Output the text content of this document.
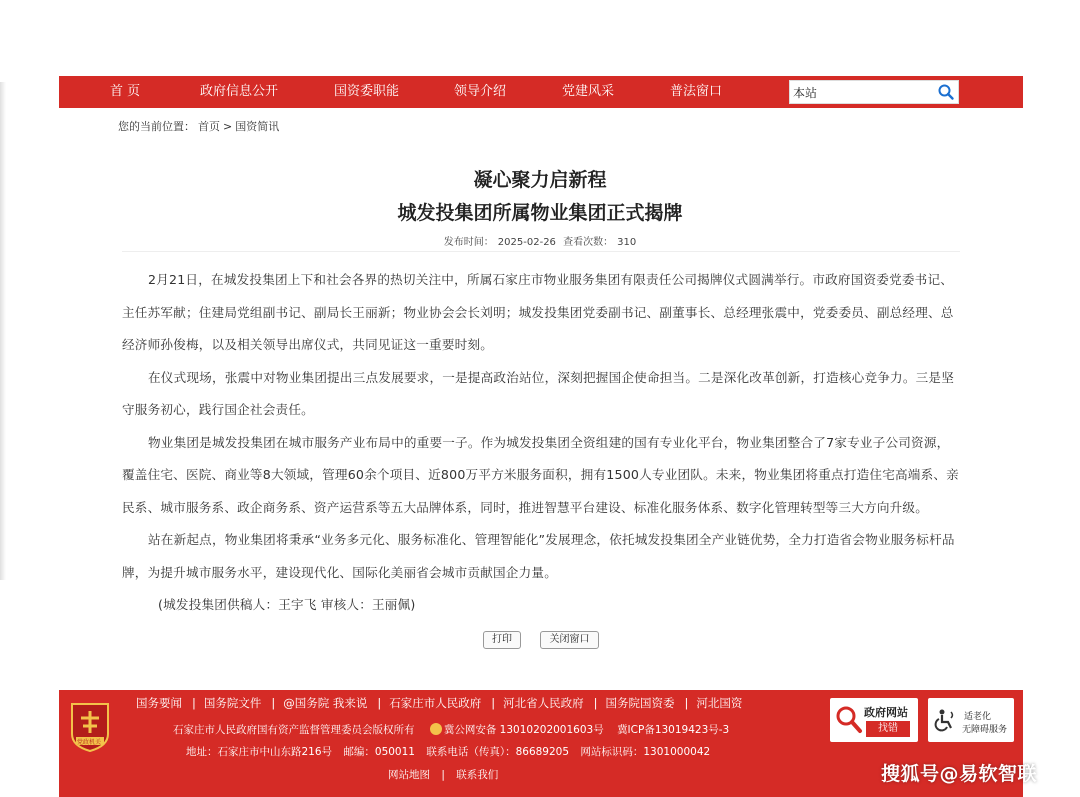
首 页	政府信息公开	国资委职能	领导介绍	党建风采	普法窗口
本站
您的当前位置： 首页 > 国资简讯
凝心聚力启新程
城发投集团所属物业集团正式揭牌
发布时间： 2025-02-26 查看次数： 310

2月21日，在城发投集团上下和社会各界的热切关注中，所属石家庄市物业服务集团有限责任公司揭牌仪式圆满举行。市政府国资委党委书记、主任苏军献；住建局党组副书记、副局长王丽新；物业协会会长刘明；城发投集团党委副书记、副董事长、总经理张震中，党委委员、副总经理、总经济师孙俊梅，以及相关领导出席仪式，共同见证这一重要时刻。

在仪式现场，张震中对物业集团提出三点发展要求，一是提高政治站位，深刻把握国企使命担当。二是深化改革创新，打造核心竞争力。三是坚守服务初心，践行国企社会责任。

物业集团是城发投集团在城市服务产业布局中的重要一子。作为城发投集团全资组建的国有专业化平台，物业集团整合了7家专业子公司资源，覆盖住宅、医院、商业等8大领域，管理60余个项目、近800万平方米服务面积，拥有1500人专业团队。未来，物业集团将重点打造住宅高端系、亲民系、城市服务系、政企商务系、资产运营系等五大品牌体系，同时，推进智慧平台建设、标准化服务体系、数字化管理转型等三大方向升级。

站在新起点，物业集团将秉承“业务多元化、服务标准化、管理智能化”发展理念，依托城发投集团全产业链优势，全力打造省会物业服务标杆品牌，为提升城市服务水平，建设现代化、国际化美丽省会城市贡献国企力量。

(城发投集团供稿人：王宇飞 审核人：王丽佩)

打印	关闭窗口
党政机关
国务要闻 | 国务院文件 | @国务院 我来说 | 石家庄市人民政府 | 河北省人民政府 | 国务院国资委 | 河北国资
石家庄市人民政府国有资产监督管理委员会版权所有	冀公网安备 13010202001603号 冀ICP备13019423号-3
地址：石家庄市中山东路216号 邮编：050011 联系电话（传真）：86689205 网站标识码：1301000042
网站地图 | 联系我们
政府网站
找错
适老化
无障碍服务
搜狐号@易软智联
